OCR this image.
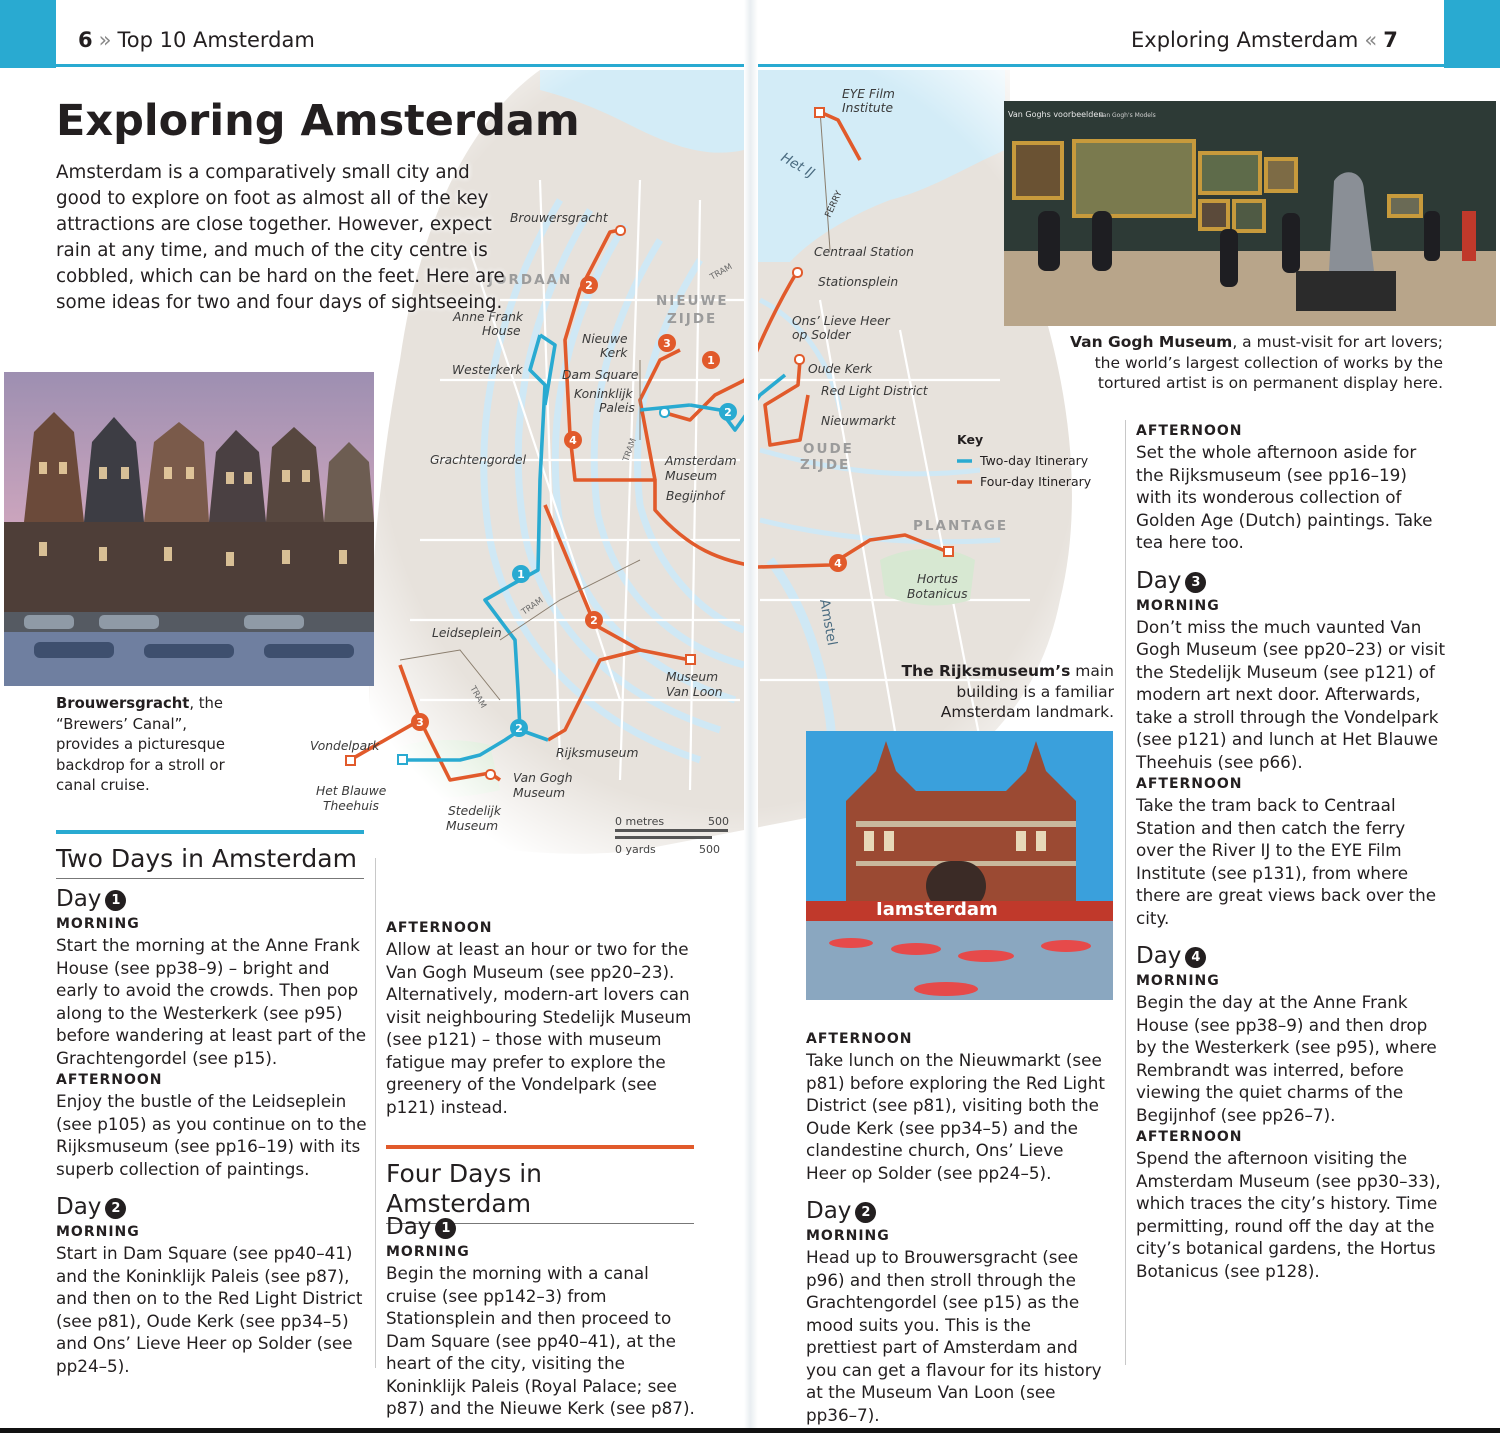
6 » Top 10 Amsterdam	Exploring Amsterdam « 7
2
3
1
4
2
3
4
1
2
2
EYE Film
Institute
Het IJ
FERRY
Centraal Station
Stationsplein
Brouwersgracht
Anne Frank
House
Nieuwe
Kerk
Westerkerk	Dam Square
Koninklijk
Paleis
Ons’ Lieve Heer
op Solder
Oude Kerk
Red Light District
Nieuwmarkt
Grachtengordel	Amsterdam
Museum
Begijnhof
Hortus
Botanicus
Amstel
Leidseplein
Museum
Van Loon
Vondelpark
Het Blauwe
Theehuis
Rijksmuseum
Van Gogh
Museum
Stedelijk
Museum
TRAM
TRAM
TRAM
TRAM
JORDAAN
NIEUWE
ZIJDE
OUDE
ZIJDE
PLANTAGE
Key
Two-day Itinerary
Four-day Itinerary
0 metres	500
0 yards	500
Exploring Amsterdam

Amsterdam is a comparatively small city and good to explore on foot as almost all of the key attractions are close together. However, expect rain at any time, and much of the city centre is cobbled, which can be hard on the feet. Here are some ideas for two and four days of sightseeing.

Brouwersgracht, the “Brewers’ Canal”, provides a picturesque backdrop for a stroll or canal cruise.
Van Goghs voorbeelden
Van Gogh's Models
Van Gogh Museum, a must-visit for art lovers; the world’s largest collection of works by the tortured artist is on permanent display here.
The Rijksmuseum’s main building is a familiar Amsterdam landmark.
Iamsterdam
Two Days in Amsterdam
Day 1
MORNING

Start the morning at the Anne Frank House (see pp38–9) – bright and early to avoid the crowds. Then pop along to the Westerkerk (see p95) before wandering at least part of the Grachtengordel (see p15).

AFTERNOON

Enjoy the bustle of the Leidseplein (see p105) as you continue on to the Rijksmuseum (see pp16–19) with its superb collection of paintings.

Day 2
MORNING

Start in Dam Square (see pp40–41) and the Koninklijk Paleis (see p87), and then on to the Red Light District (see p81), Oude Kerk (see pp34–5) and Ons’ Lieve Heer op Solder (see pp24–5).

AFTERNOON

Allow at least an hour or two for the Van Gogh Museum (see pp20–23). Alternatively, modern-art lovers can visit neighbouring Stedelijk Museum (see p121) – those with museum fatigue may prefer to explore the greenery of the Vondelpark (see p121) instead.

Four Days in
Amsterdam
Day 1
MORNING

Begin the morning with a canal cruise (see pp142–3) from Stationsplein and then proceed to Dam Square (see pp40–41), at the heart of the city, visiting the Koninklijk Paleis (Royal Palace; see p87) and the Nieuwe Kerk (see p87).

AFTERNOON

Take lunch on the Nieuwmarkt (see p81) before exploring the Red Light District (see p81), visiting both the Oude Kerk (see pp34–5) and the clandestine church, Ons’ Lieve Heer op Solder (see pp24–5).

Day 2
MORNING

Head up to Brouwersgracht (see p96) and then stroll through the Grachtengordel (see p15) as the mood suits you. This is the prettiest part of Amsterdam and you can get a flavour for its history at the Museum Van Loon (see pp36–7).

AFTERNOON

Set the whole afternoon aside for the Rijksmuseum (see pp16–19) with its wonderous collection of Golden Age (Dutch) paintings. Take tea here too.

Day 3
MORNING

Don’t miss the much vaunted Van Gogh Museum (see pp20–23) or visit the Stedelijk Museum (see p121) of modern art next door. Afterwards, take a stroll through the Vondelpark (see p121) and lunch at Het Blauwe Theehuis (see p66).

AFTERNOON

Take the tram back to Centraal Station and then catch the ferry over the River IJ to the EYE Film Institute (see p131), from where there are great views back over the city.

Day 4
MORNING

Begin the day at the Anne Frank House (see pp38–9) and then drop by the Westerkerk (see p95), where Rembrandt was interred, before viewing the quiet charms of the Begijnhof (see pp26–7).

AFTERNOON

Spend the afternoon visiting the Amsterdam Museum (see pp30–33), which traces the city’s history. Time permitting, round off the day at the city’s botanical gardens, the Hortus Botanicus (see p128).
